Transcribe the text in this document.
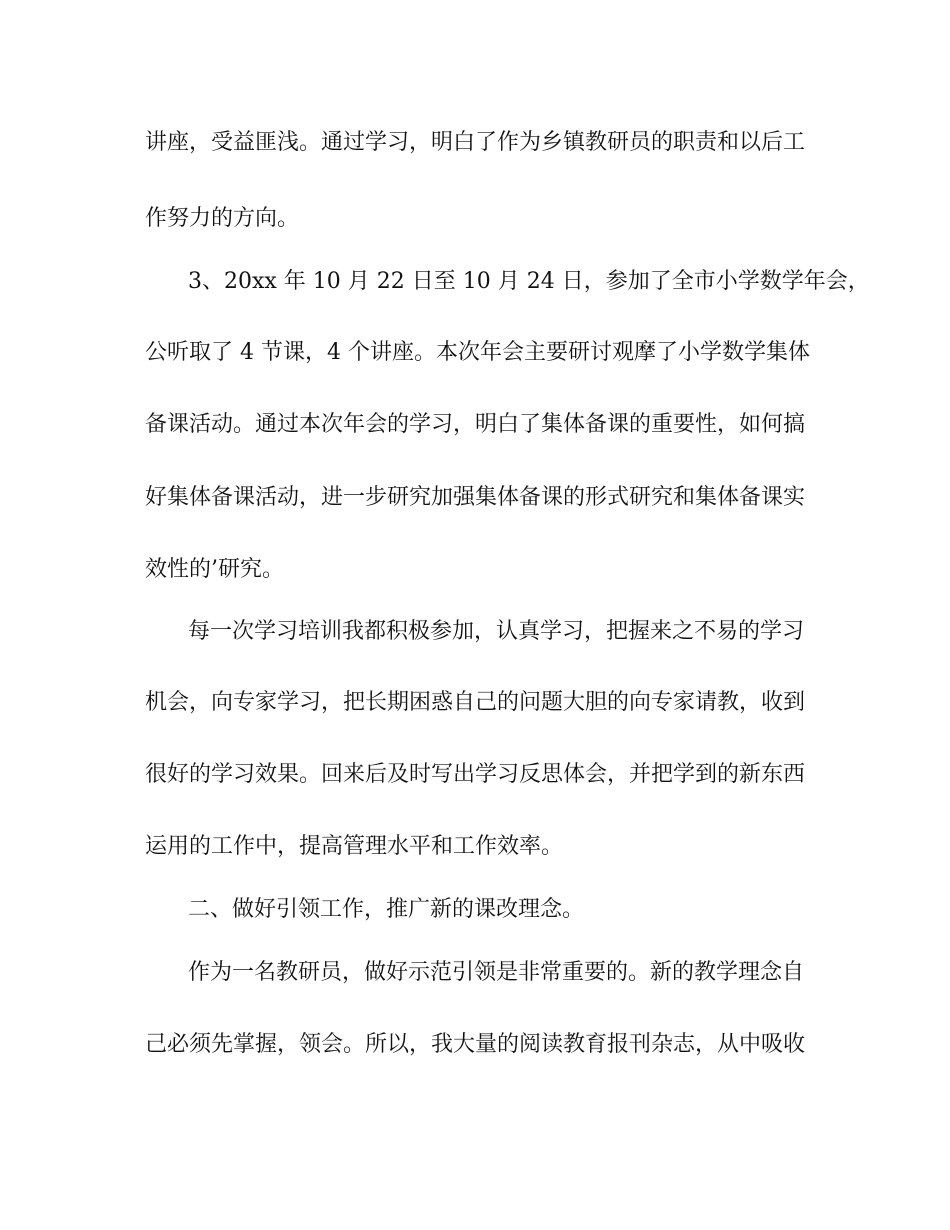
讲座，受益匪浅。通过学习，明白了作为乡镇教研员的职责和以后工
作努力的方向。
3、20xx 年 10 月 22 日至 10 月 24 日，参加了全市小学数学年会，
公听取了 4 节课，4 个讲座。本次年会主要研讨观摩了小学数学集体
备课活动。通过本次年会的学习，明白了集体备课的重要性，如何搞
好集体备课活动，进一步研究加强集体备课的形式研究和集体备课实
效性的’研究。
每一次学习培训我都积极参加，认真学习，把握来之不易的学习
机会，向专家学习，把长期困惑自己的问题大胆的向专家请教，收到
很好的学习效果。回来后及时写出学习反思体会，并把学到的新东西
运用的工作中，提高管理水平和工作效率。
二、做好引领工作，推广新的课改理念。
作为一名教研员，做好示范引领是非常重要的。新的教学理念自
己必须先掌握，领会。所以，我大量的阅读教育报刊杂志，从中吸收
